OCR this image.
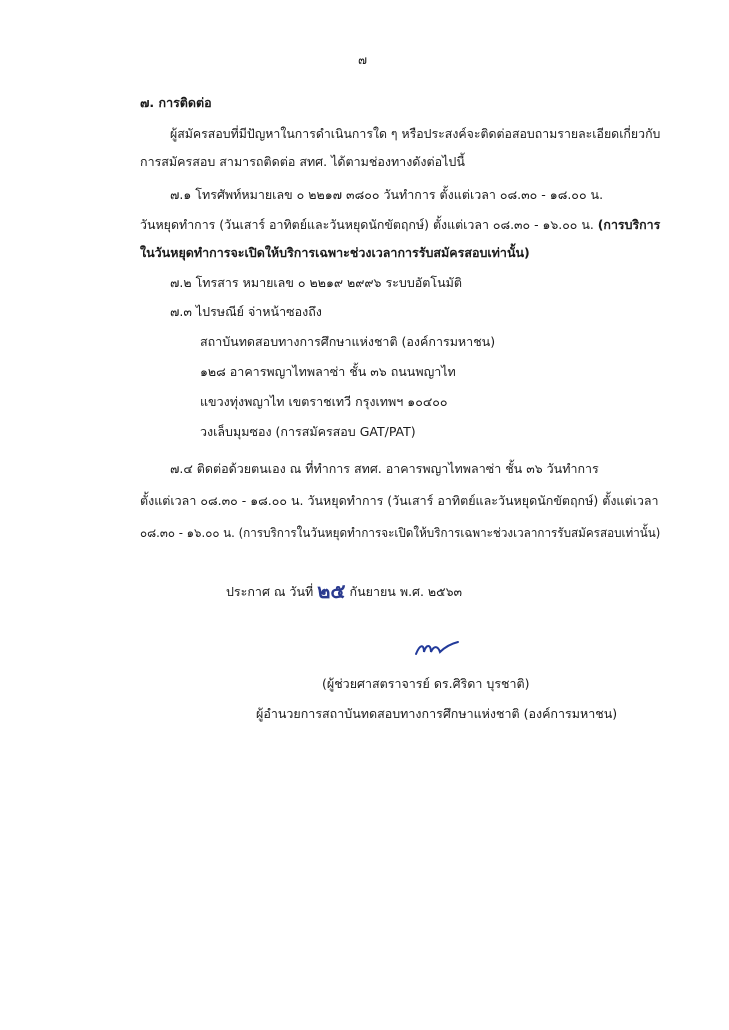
๗
๗. การติดต่อ
ผู้สมัครสอบที่มีปัญหาในการดำเนินการใด ๆ หรือประสงค์จะติดต่อสอบถามรายละเอียดเกี่ยวกับ
การสมัครสอบ สามารถติดต่อ สทศ. ได้ตามช่องทางดังต่อไปนี้
๗.๑ โทรศัพท์หมายเลข ๐ ๒๒๑๗ ๓๘๐๐ วันทำการ ตั้งแต่เวลา ๐๘.๓๐ - ๑๘.๐๐ น.
วันหยุดทำการ (วันเสาร์ อาทิตย์และวันหยุดนักขัตฤกษ์) ตั้งแต่เวลา ๐๘.๓๐ - ๑๖.๐๐ น. (การบริการ
ในวันหยุดทำการจะเปิดให้บริการเฉพาะช่วงเวลาการรับสมัครสอบเท่านั้น)
๗.๒ โทรสาร หมายเลข ๐ ๒๒๑๙ ๒๙๙๖ ระบบอัตโนมัติ
๗.๓ ไปรษณีย์ จ่าหน้าซองถึง
สถาบันทดสอบทางการศึกษาแห่งชาติ (องค์การมหาชน)
๑๒๘ อาคารพญาไทพลาซ่า ชั้น ๓๖ ถนนพญาไท
แขวงทุ่งพญาไท เขตราชเทวี กรุงเทพฯ ๑๐๔๐๐
วงเล็บมุมซอง (การสมัครสอบ GAT/PAT)
๗.๔ ติดต่อด้วยตนเอง ณ ที่ทำการ สทศ. อาคารพญาไทพลาซ่า ชั้น ๓๖ วันทำการ
ตั้งแต่เวลา ๐๘.๓๐ - ๑๘.๐๐ น. วันหยุดทำการ (วันเสาร์ อาทิตย์และวันหยุดนักขัตฤกษ์) ตั้งแต่เวลา
๐๘.๓๐ - ๑๖.๐๐ น. (การบริการในวันหยุดทำการจะเปิดให้บริการเฉพาะช่วงเวลาการรับสมัครสอบเท่านั้น)
ประกาศ ณ วันที่ ๒๕ กันยายน พ.ศ. ๒๕๖๓
(ผู้ช่วยศาสตราจารย์ ดร.ศิริดา บุรชาติ)
ผู้อำนวยการสถาบันทดสอบทางการศึกษาแห่งชาติ (องค์การมหาชน)
